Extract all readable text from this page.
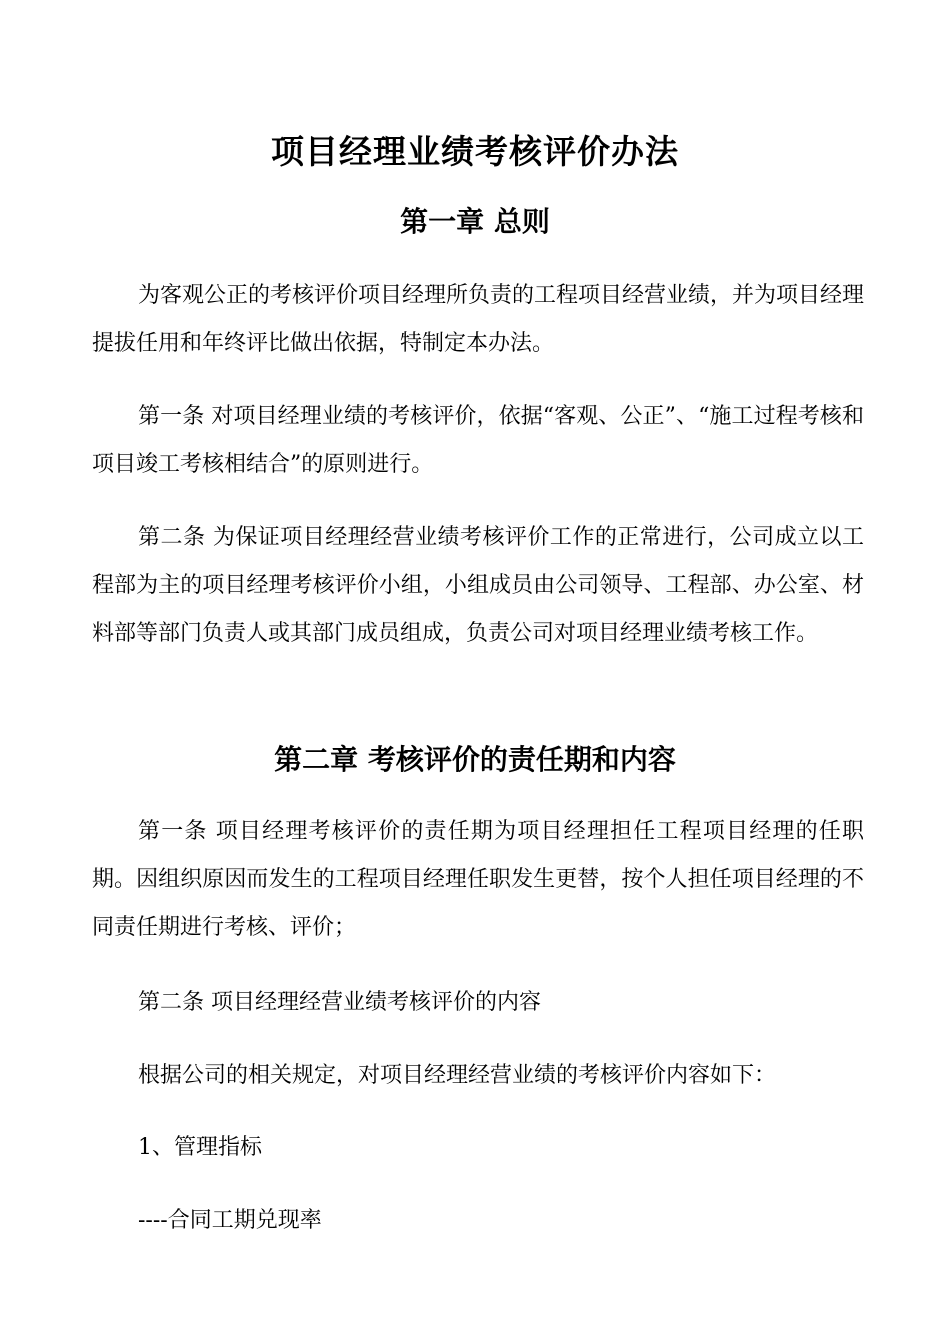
项目经理业绩考核评价办法
第一章 总则
为客观公正的考核评价项目经理所负责的工程项目经营业绩，并为项目经理提拔任用和年终评比做出依据，特制定本办法。
第一条 对项目经理业绩的考核评价，依据“客观、公正”、“施工过程考核和项目竣工考核相结合”的原则进行。
第二条 为保证项目经理经营业绩考核评价工作的正常进行，公司成立以工程部为主的项目经理考核评价小组，小组成员由公司领导、工程部、办公室、材料部等部门负责人或其部门成员组成，负责公司对项目经理业绩考核工作。
第二章 考核评价的责任期和内容
第一条 项目经理考核评价的责任期为项目经理担任工程项目经理的任职期。因组织原因而发生的工程项目经理任职发生更替，按个人担任项目经理的不同责任期进行考核、评价；
第二条 项目经理经营业绩考核评价的内容
根据公司的相关规定，对项目经理经营业绩的考核评价内容如下：
1、管理指标
----合同工期兑现率
